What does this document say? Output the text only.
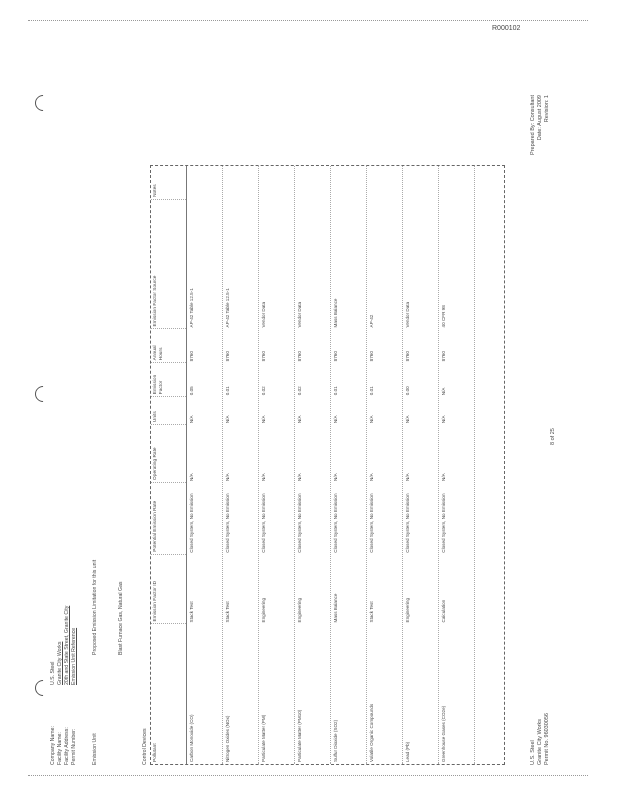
R000102
Company Name:
U.S. Steel
Facility Name:
Granite City Works
Facility Address:
20th and State Street, Granite City
Permit Number:
Emission Unit Reference
Emission Unit
Proposed Emission Limitation for this unit	Blast Furnace Gas, Natural Gas
Control Devices	Pollutant
Emission Factor ID
Potential Emission Rate
Operating Rate
Units
Emission Factor
Annual Hours
Emission Factor Source
Notes
Carbon Monoxide (CO)
Stack Test
Closed System, No Emission
N/A
N/A
0.05
8760
AP-42 Table 12.5-1
Nitrogen Oxides (NOx)
Stack Test
Closed System, No Emission
N/A
N/A
0.01
8760
AP-42 Table 12.5-1
Particulate Matter (PM)
Engineering
Closed System, No Emission
N/A
N/A
0.02
8760
Vendor Data
Particulate Matter (PM10)
Engineering
Closed System, No Emission
N/A
N/A
0.02
8760
Vendor Data
Sulfur Dioxide (SO2)
Mass Balance
Closed System, No Emission
N/A
N/A
0.01
8760
Mass Balance
Volatile Organic Compounds
Stack Test
Closed System, No Emission
N/A
N/A
0.01
8760
AP-42
Lead (Pb)
Engineering
Closed System, No Emission
N/A
N/A
0.00
8760
Vendor Data
Greenhouse Gases (CO2e)
Calculation
Closed System, No Emission
N/A
N/A
N/A
8760
40 CFR 98
U.S. Steel Granite City Works Permit No. 96030056
8 of 25
Prepared By: Consultant Date: August 2009 Revision: 1
